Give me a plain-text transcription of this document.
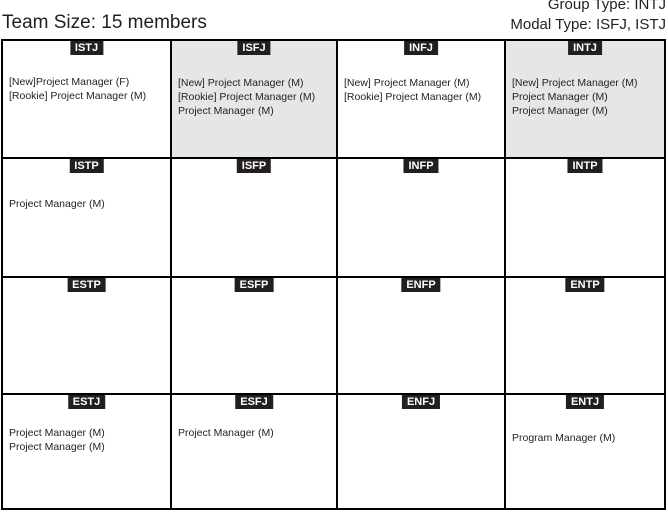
Team Size: 15 members
Group Type: INTJ
Modal Type: ISFJ, ISTJ
ISTJ
[New]Project Manager (F)
[Rookie] Project Manager (M)
ISFJ
[New] Project Manager (M)
[Rookie] Project Manager (M)
Project Manager (M)
INFJ
[New] Project Manager (M)
[Rookie] Project Manager (M)
INTJ
[New] Project Manager (M)
Project Manager (M)
Project Manager (M)
ISTP
Project Manager (M)
ISFP	INFP	INTP
ESTP	ESFP	ENFP	ENTP
ESTJ
Project Manager (M)
Project Manager (M)
ESFJ
Project Manager (M)
ENFJ	ENTJ
Program Manager (M)
